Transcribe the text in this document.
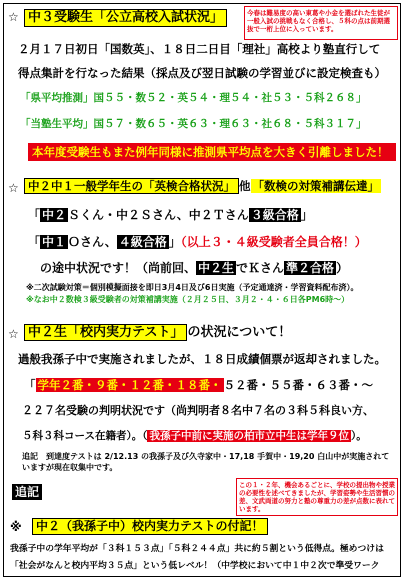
☆ 中３受験生「公立高校入試状況」	今春は難易度の高い東葛や小金を選ばれた生徒が一般入試の挑戦もなく合格し、５科の点は前期選抜で一桁上位に入っています。
２月１７日初日「国数英」、１８日二日目「理社」高校より塾直行して
得点集計を行なった結果（採点及び翌日試験の学習並びに設定検査も）
「県平均推測」国５５・数５２・英５４・理５４・社５３・５科２６８」
「当塾生平均」国５７・数６５・英６３・理６３・社６８・５科３１７」
本年度受験生もまた例年同様に推測県平均点を大きく引離しました！
☆ 中２中１一般学年生の「英検合格状況」 他 「数検の対策補講伝達」
「 中２ Ｓくん・中２Ｓさん、中２Ｔさん ３級合格 」
「 中１ Ｏさん、 ４級合格 」（以上３・４級受験者全員合格！）
の途中状況です！（尚前回、 中２生 でＫさん 準２合格 ）
※二次試験対策＝個別模擬面接を即日3月4日及び6日実施（予定通達済・学習資料配布済）。
※なお中２数検３級受験者の対策補講実施（２月２５日、３月２・４・６日各PM6時～）
☆ 中２生「校内実力テスト」 の状況について！
過般我孫子中で実施されましたが、１８日成績個票が返却されました。
「 学年２番・９番・１２番・１８番・ ５２番・５５番・６３番・～
２２７名受験の判明状況です（尚判明者８名中７名の３科５科良い方、
５科３科コース在籍者）。（ 我孫子中前に実施の柏市立中生は学年９位 ）。
追記　到達度テストは 2/12.13 の我孫子及び久寺家中・17,18 手賀中・19,20 白山中が実施されていますが現在収集中です。
追記	この１・２年、機会あるごとに、学校の提出物や授業の必要性を述べてきましたが、学習姿勢や生活習慣の差、文武両道の努力と塾の尊重力の差が点数に表れています。
※	中２（我孫子中）校内実力テストの付記！
我孫子中の学年平均が「３科１５３点」「５科２４４点」共に約５割という低得点。極めつけは
「社会がなんと校内平均３５点」という低レベル！（中学校において中１中２次で準受ワーク
